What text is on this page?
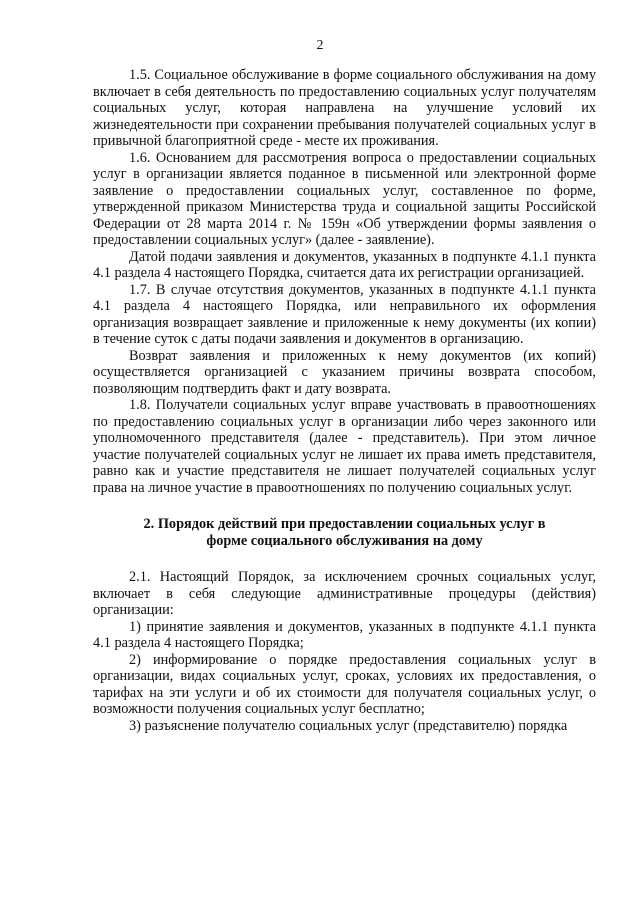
2

1.5. Социальное обслуживание в форме социального обслуживания на дому включает в себя деятельность по предоставлению социальных услуг получателям социальных услуг, которая направлена на улучшение условий их жизнедеятельности при сохранении пребывания получателей социальных услуг в привычной благоприятной среде - месте их проживания.

1.6. Основанием для рассмотрения вопроса о предоставлении социальных услуг в организации является поданное в письменной или электронной форме заявление о предоставлении социальных услуг, составленное по форме, утвержденной приказом Министерства труда и социальной защиты Российской Федерации от 28 марта 2014 г. № 159н «Об утверждении формы заявления о предоставлении социальных услуг» (далее - заявление).

Датой подачи заявления и документов, указанных в подпункте 4.1.1 пункта 4.1 раздела 4 настоящего Порядка, считается дата их регистрации организацией.

1.7. В случае отсутствия документов, указанных в подпункте 4.1.1 пункта 4.1 раздела 4 настоящего Порядка, или неправильного их оформления организация возвращает заявление и приложенные к нему документы (их копии) в течение суток с даты подачи заявления и документов в организацию.

Возврат заявления и приложенных к нему документов (их копий) осуществляется организацией с указанием причины возврата способом, позволяющим подтвердить факт и дату возврата.

1.8. Получатели социальных услуг вправе участвовать в правоотношениях по предоставлению социальных услуг в организации либо через законного или уполномоченного представителя (далее - представитель). При этом личное участие получателей социальных услуг не лишает их права иметь представителя, равно как и участие представителя не лишает получателей социальных услуг права на личное участие в правоотношениях по получению социальных услуг.

2. Порядок действий при предоставлении социальных услуг в
форме социального обслуживания на дому

2.1. Настоящий Порядок, за исключением срочных социальных услуг, включает в себя следующие административные процедуры (действия) организации:

1) принятие заявления и документов, указанных в подпункте 4.1.1 пункта 4.1 раздела 4 настоящего Порядка;

2) информирование о порядке предоставления социальных услуг в организации, видах социальных услуг, сроках, условиях их предоставления, о тарифах на эти услуги и об их стоимости для получателя социальных услуг, о возможности получения социальных услуг бесплатно;

3) разъяснение получателю социальных услуг (представителю) порядка
